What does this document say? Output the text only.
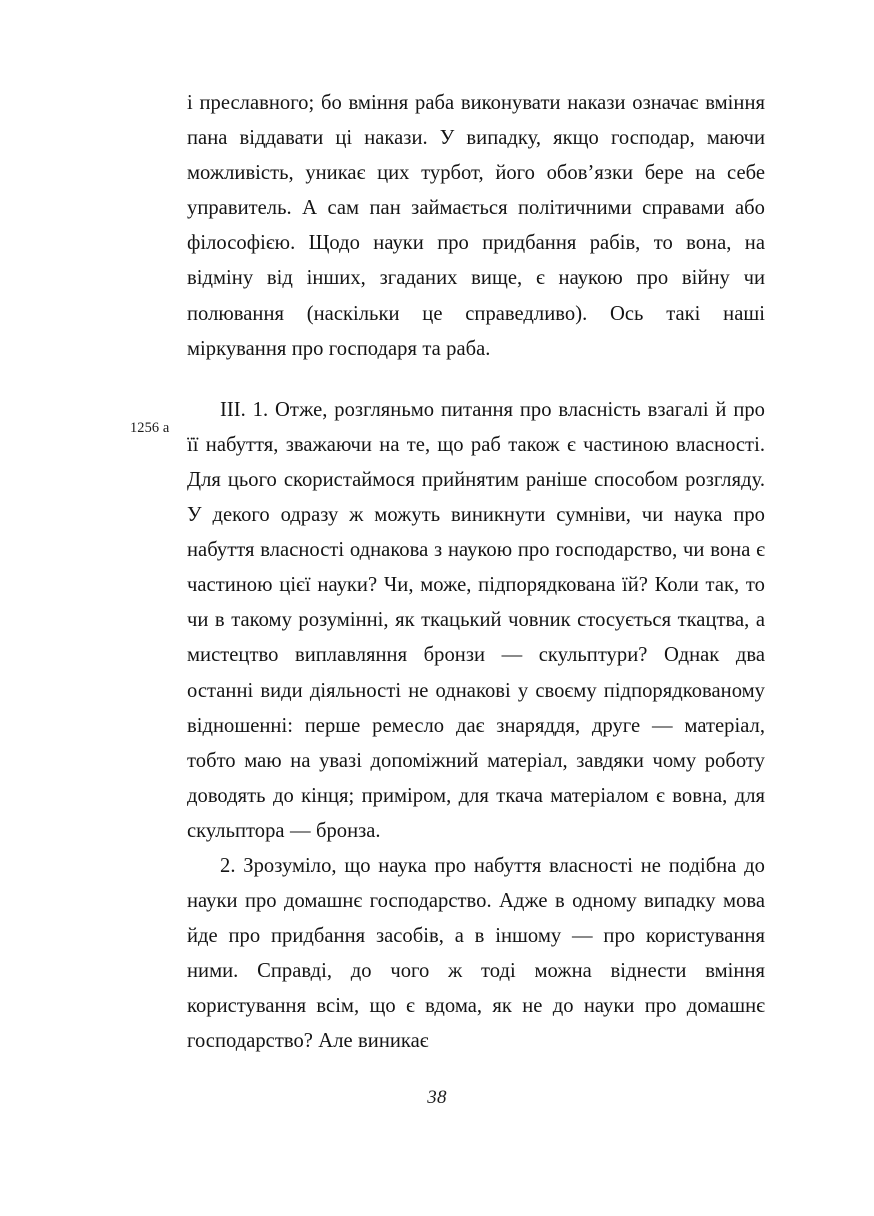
і преславного; бо вміння раба виконувати накази означає вміння пана віддавати ці накази. У випадку, якщо господар, маючи можливість, уникає цих турбот, його обов’язки бере на себе управитель. А сам пан займається політичними справами або філософією. Щодо науки про придбання рабів, то вона, на відміну від інших, згаданих вище, є наукою про війну чи полювання (наскільки це справедливо). Ось такі наші міркування про господаря та раба.

III. 1. Отже, розгляньмо питання про власність взагалі й про її набуття, зважаючи на те, що раб також є частиною власності. Для цього скористаймося прийнятим раніше способом розгляду. У декого одразу ж можуть виникнути сумніви, чи наука про набуття власності однакова з наукою про господарство, чи вона є частиною цієї науки? Чи, може, підпорядкована їй? Коли так, то чи в такому розумінні, як ткацький човник стосується ткацтва, а мистецтво виплавляння бронзи — скульптури? Однак два останні види діяльності не однакові у своєму підпорядкованому відношенні: перше ремесло дає знаряддя, друге — матеріал, тобто маю на увазі допоміжний матеріал, завдяки чому роботу доводять до кінця; приміром, для ткача матеріалом є вовна, для скульптора — бронза.

2. Зрозуміло, що наука про набуття власності не подібна до науки про домашнє господарство. Адже в одному випадку мова йде про придбання засобів, а в іншому — про користування ними. Справді, до чого ж тоді можна віднести вміння користування всім, що є вдома, як не до науки про домашнє господарство? Але виникає

1256 a
38
